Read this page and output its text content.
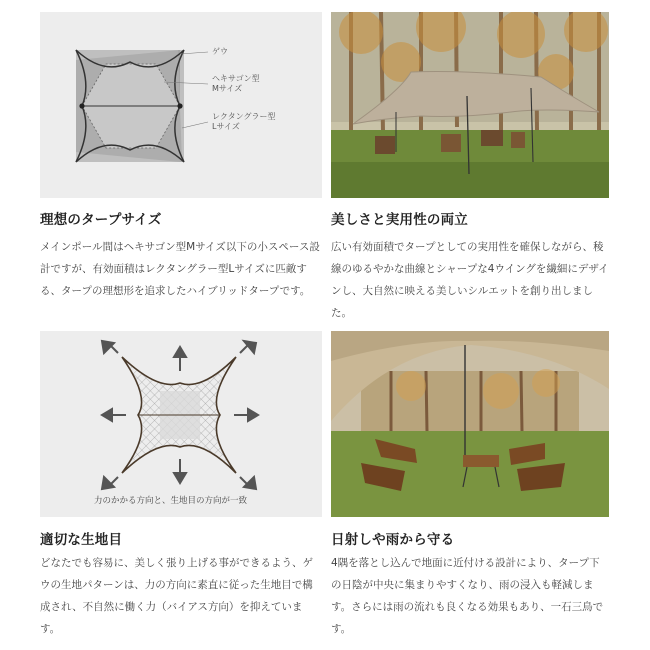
ゲウ
ヘキサゴン型
Mサイズ
レクタングラー型
Lサイズ
理想のタープサイズ
メインポール間はヘキサゴン型Mサイズ以下の小スペース設計ですが、有効面積はレクタングラー型Lサイズに匹敵する、タープの理想形を追求したハイブリッドタープです。
美しさと実用性の両立
広い有効面積でタープとしての実用性を確保しながら、稜線のゆるやかな曲線とシャープな4ウイングを繊細にデザインし、大自然に映える美しいシルエットを創り出しました。
力のかかる方向と、生地目の方向が一致
適切な生地目
どなたでも容易に、美しく張り上げる事ができるよう、ゲウの生地パターンは、力の方向に素直に従った生地目で構成され、不自然に働く力（バイアス方向）を抑えています。
日射しや雨から守る
4隅を落とし込んで地面に近付ける設計により、タープ下の日陰が中央に集まりやすくなり、雨の浸入も軽減します。さらには雨の流れも良くなる効果もあり、一石三鳥です。
